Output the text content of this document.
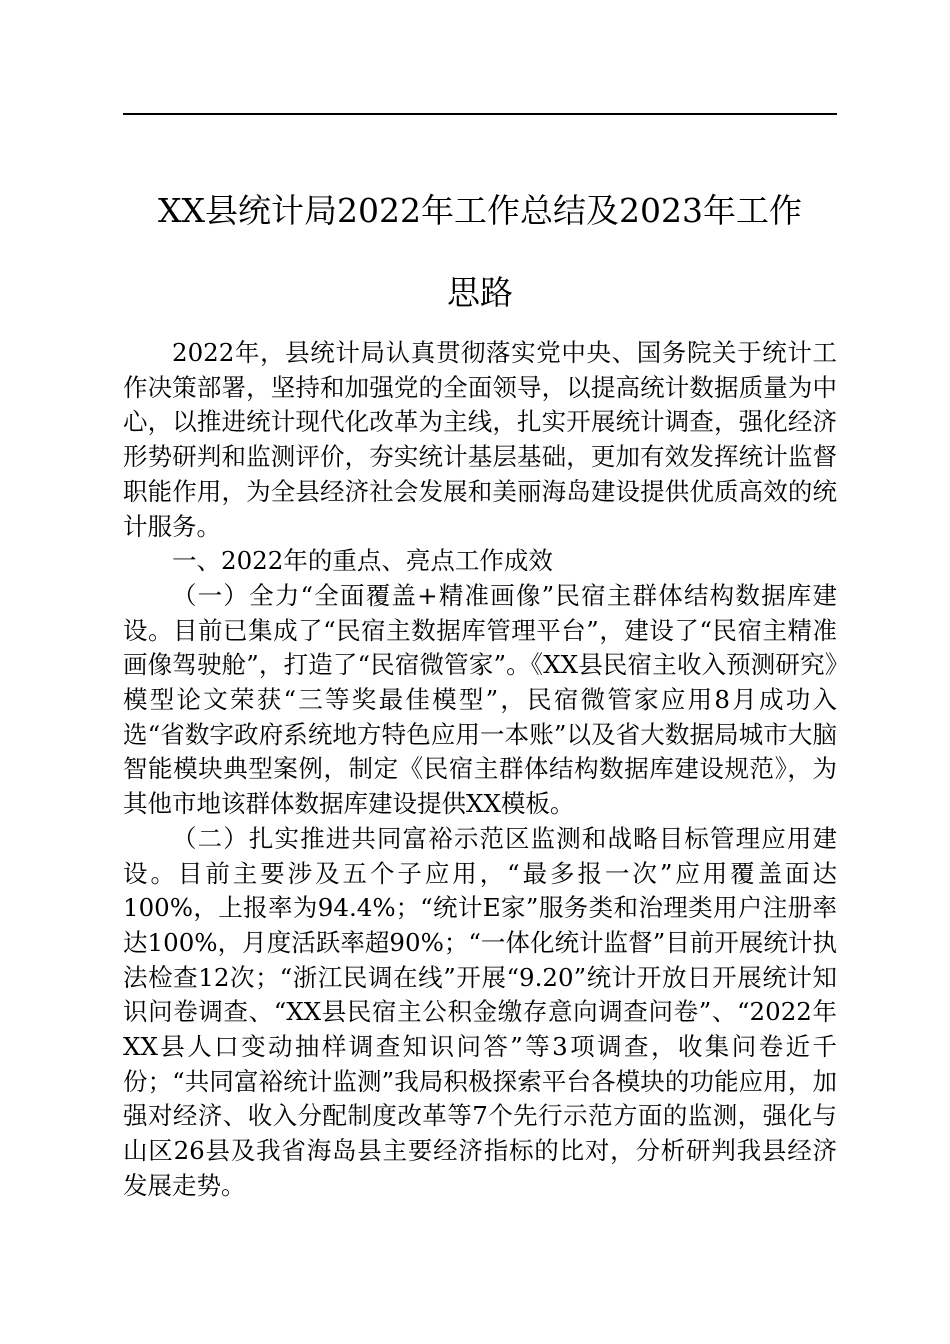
XX县统计局2022年工作总结及2023年工作
思路

2022年，县统计局认真贯彻落实党中央、国务院关于统计工作决策部署，坚持和加强党的全面领导，以提高统计数据质量为中心，以推进统计现代化改革为主线，扎实开展统计调查，强化经济形势研判和监测评价，夯实统计基层基础，更加有效发挥统计监督职能作用，为全县经济社会发展和美丽海岛建设提供优质高效的统计服务。

一、2022年的重点、亮点工作成效

（一）全力“全面覆盖+精准画像”民宿主群体结构数据库建设。目前已集成了“民宿主数据库管理平台”，建设了“民宿主精准画像驾驶舱”，打造了“民宿微管家”。《XX县民宿主收入预测研究》模型论文荣获“三等奖最佳模型”，民宿微管家应用8月成功入选“省数字政府系统地方特色应用一本账”以及省大数据局城市大脑智能模块典型案例，制定《民宿主群体结构数据库建设规范》，为其他市地该群体数据库建设提供XX模板。

（二）扎实推进共同富裕示范区监测和战略目标管理应用建设。目前主要涉及五个子应用，“最多报一次”应用覆盖面达100%，上报率为94.4%；“统计E家”服务类和治理类用户注册率达100%，月度活跃率超90%；“一体化统计监督”目前开展统计执法检查12次；“浙江民调在线”开展“9.20”统计开放日开展统计知识问卷调查、“XX县民宿主公积金缴存意向调查问卷”、“2022年XX县人口变动抽样调查知识问答”等3项调查，收集问卷近千份；“共同富裕统计监测”我局积极探索平台各模块的功能应用，加强对经济、收入分配制度改革等7个先行示范方面的监测，强化与山区26县及我省海岛县主要经济指标的比对，分析研判我县经济发展走势。
